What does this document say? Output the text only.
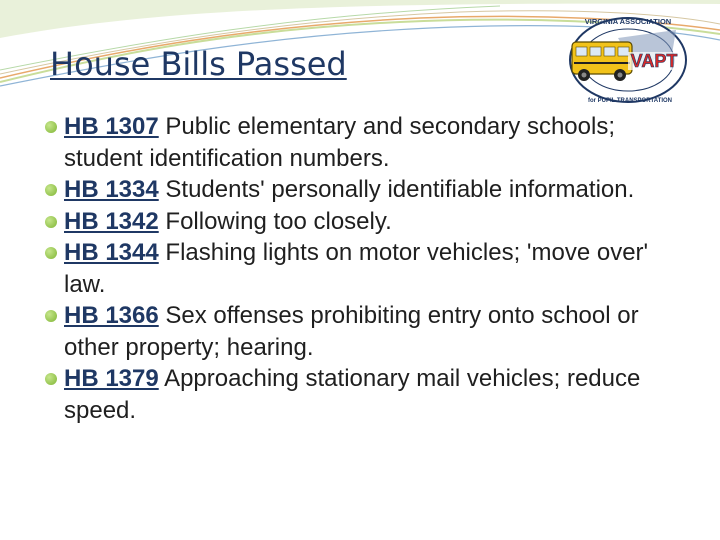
House Bills Passed	VAPT
VIRGINIA ASSOCIATION
for PUPIL TRANSPORTATION
HB 1307 Public elementary and secondary schools; student identification numbers.
HB 1334 Students' personally identifiable information.
HB 1342 Following too closely.
HB 1344 Flashing lights on motor vehicles; 'move over' law.
HB 1366 Sex offenses prohibiting entry onto school or other property; hearing.
HB 1379 Approaching stationary mail vehicles; reduce speed.
